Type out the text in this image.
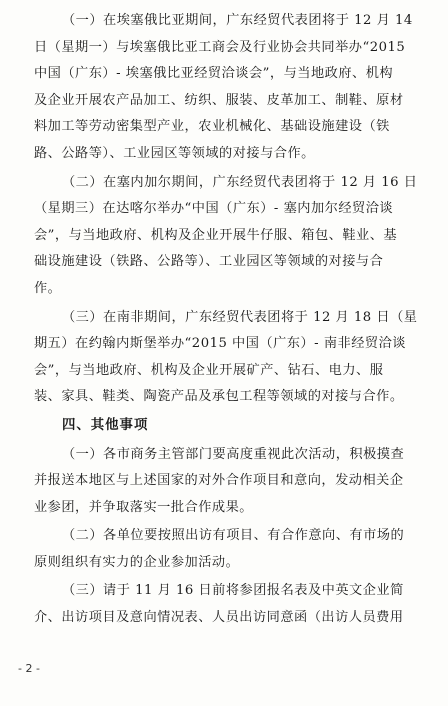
（一）在埃塞俄比亚期间，广东经贸代表团将于 12 月 14
日（星期一）与埃塞俄比亚工商会及行业协会共同举办“2015
中国（广东）- 埃塞俄比亚经贸洽谈会”，与当地政府、机构
及企业开展农产品加工、纺织、服装、皮革加工、制鞋、原材
料加工等劳动密集型产业，农业机械化、基础设施建设（铁
路、公路等）、工业园区等领域的对接与合作。
（二）在塞内加尔期间，广东经贸代表团将于 12 月 16 日
（星期三）在达喀尔举办“中国（广东）- 塞内加尔经贸洽谈
会”，与当地政府、机构及企业开展牛仔服、箱包、鞋业、基
础设施建设（铁路、公路等）、工业园区等领域的对接与合
作。
（三）在南非期间，广东经贸代表团将于 12 月 18 日（星
期五）在约翰内斯堡举办“2015 中国（广东）- 南非经贸洽谈
会”，与当地政府、机构及企业开展矿产、钻石、电力、服
装、家具、鞋类、陶瓷产品及承包工程等领域的对接与合作。
四、其他事项
（一）各市商务主管部门要高度重视此次活动，积极摸查
并报送本地区与上述国家的对外合作项目和意向，发动相关企
业参团，并争取落实一批合作成果。
（二）各单位要按照出访有项目、有合作意向、有市场的
原则组织有实力的企业参加活动。
（三）请于 11 月 16 日前将参团报名表及中英文企业简
介、出访项目及意向情况表、人员出访同意函（出访人员费用
- 2 -
